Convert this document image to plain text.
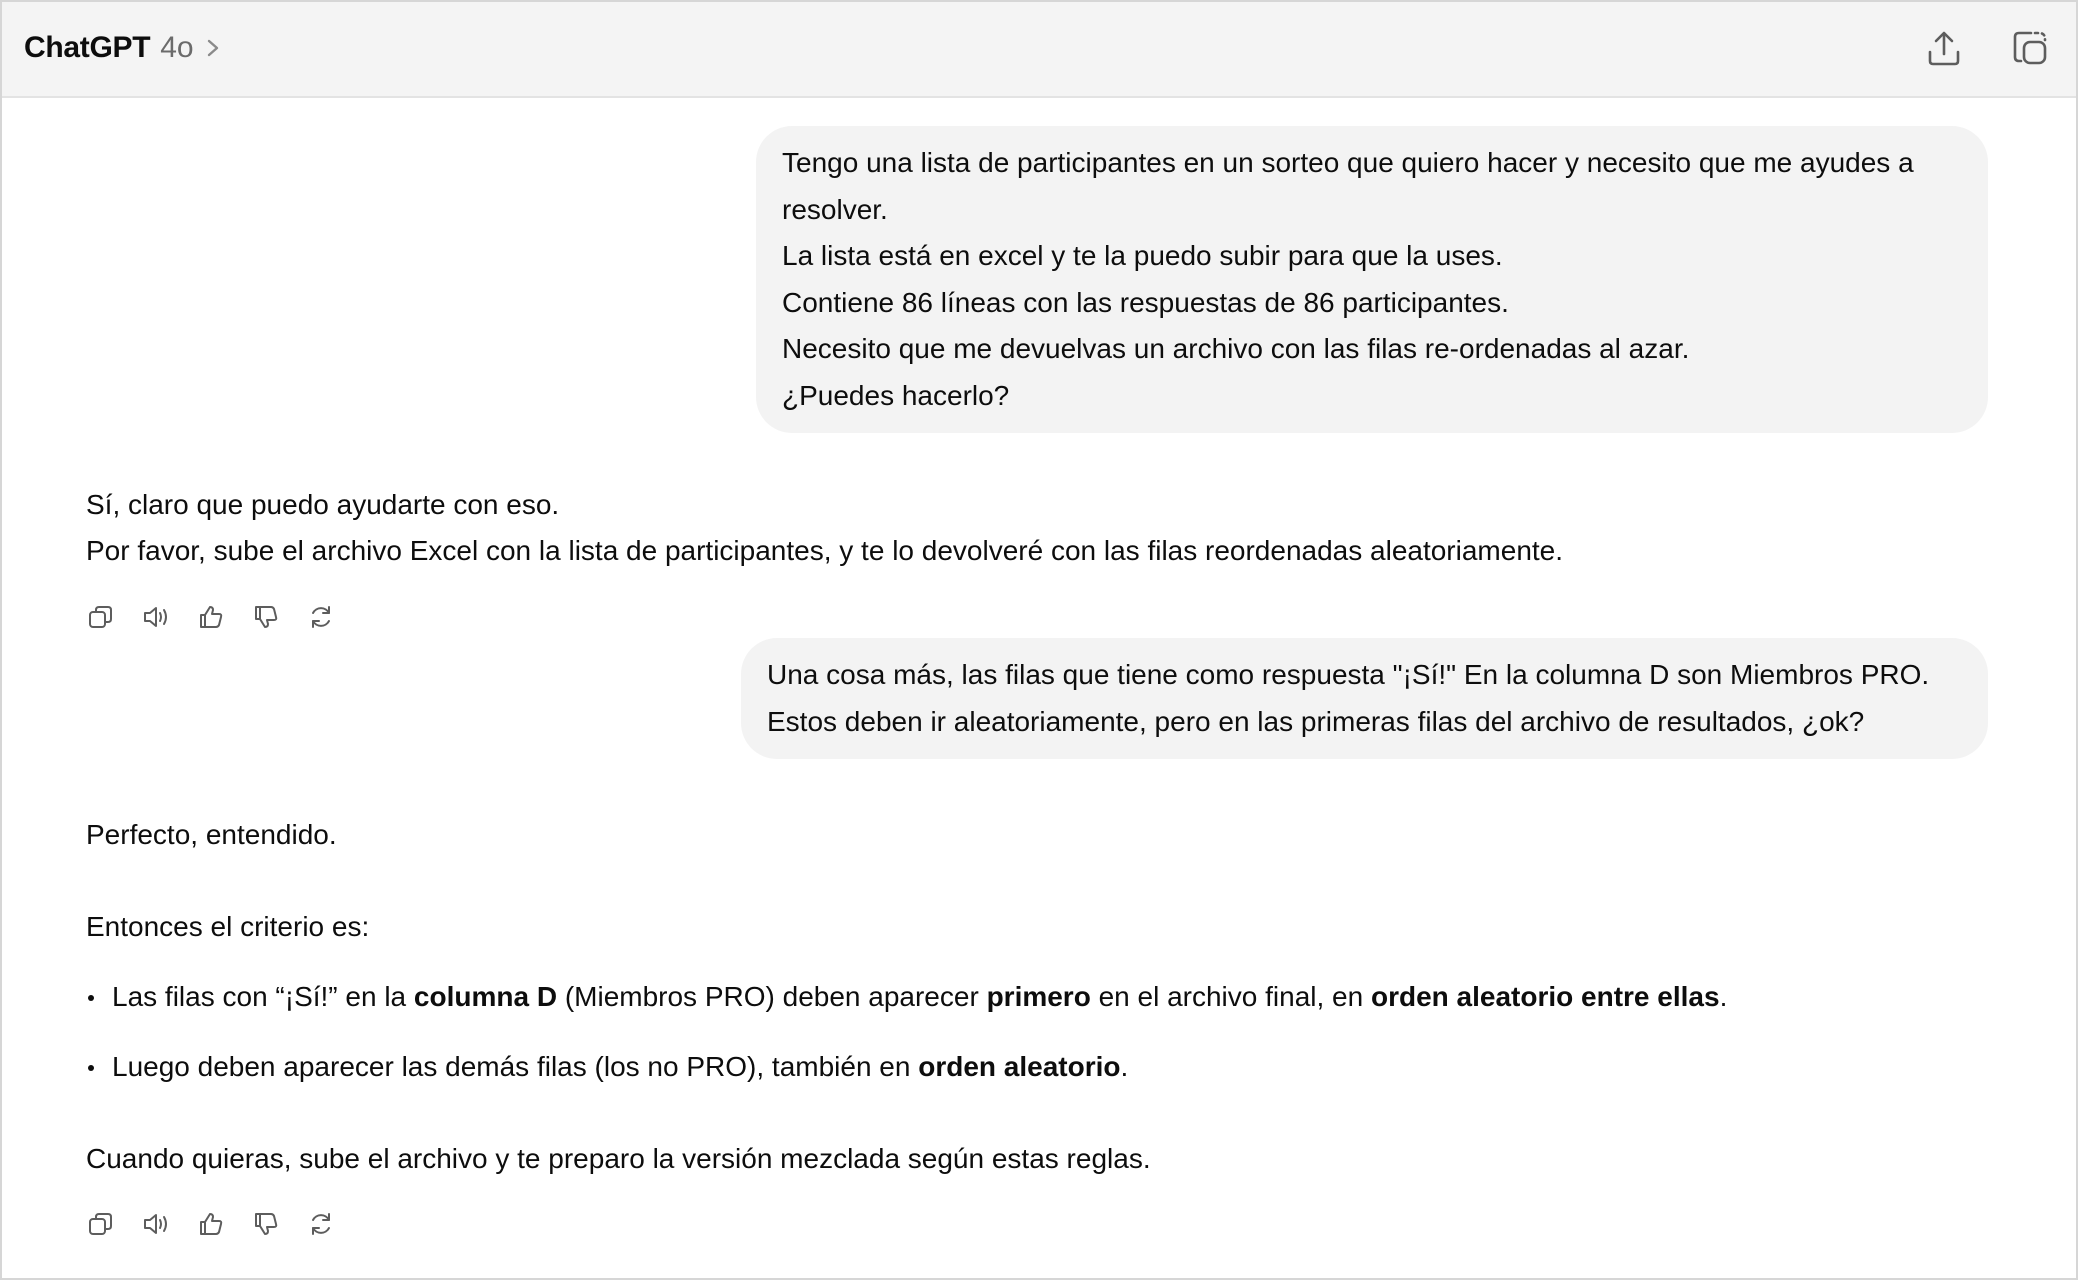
ChatGPT 4o
Tengo una lista de participantes en un sorteo que quiero hacer y necesito que me ayudes a
resolver.
La lista está en excel y te la puedo subir para que la uses.
Contiene 86 líneas con las respuestas de 86 participantes.
Necesito que me devuelvas un archivo con las filas re-ordenadas al azar.
¿Puedes hacerlo?
Sí, claro que puedo ayudarte con eso.
Por favor, sube el archivo Excel con la lista de participantes, y te lo devolveré con las filas reordenadas aleatoriamente.
Una cosa más, las filas que tiene como respuesta "¡Sí!" En la columna D son Miembros PRO.
Estos deben ir aleatoriamente, pero en las primeras filas del archivo de resultados, ¿ok?
Perfecto, entendido.
Entonces el criterio es:
Las filas con “¡Sí!” en la columna D (Miembros PRO) deben aparecer primero en el archivo final, en orden aleatorio entre ellas.
Luego deben aparecer las demás filas (los no PRO), también en orden aleatorio.
Cuando quieras, sube el archivo y te preparo la versión mezclada según estas reglas.
